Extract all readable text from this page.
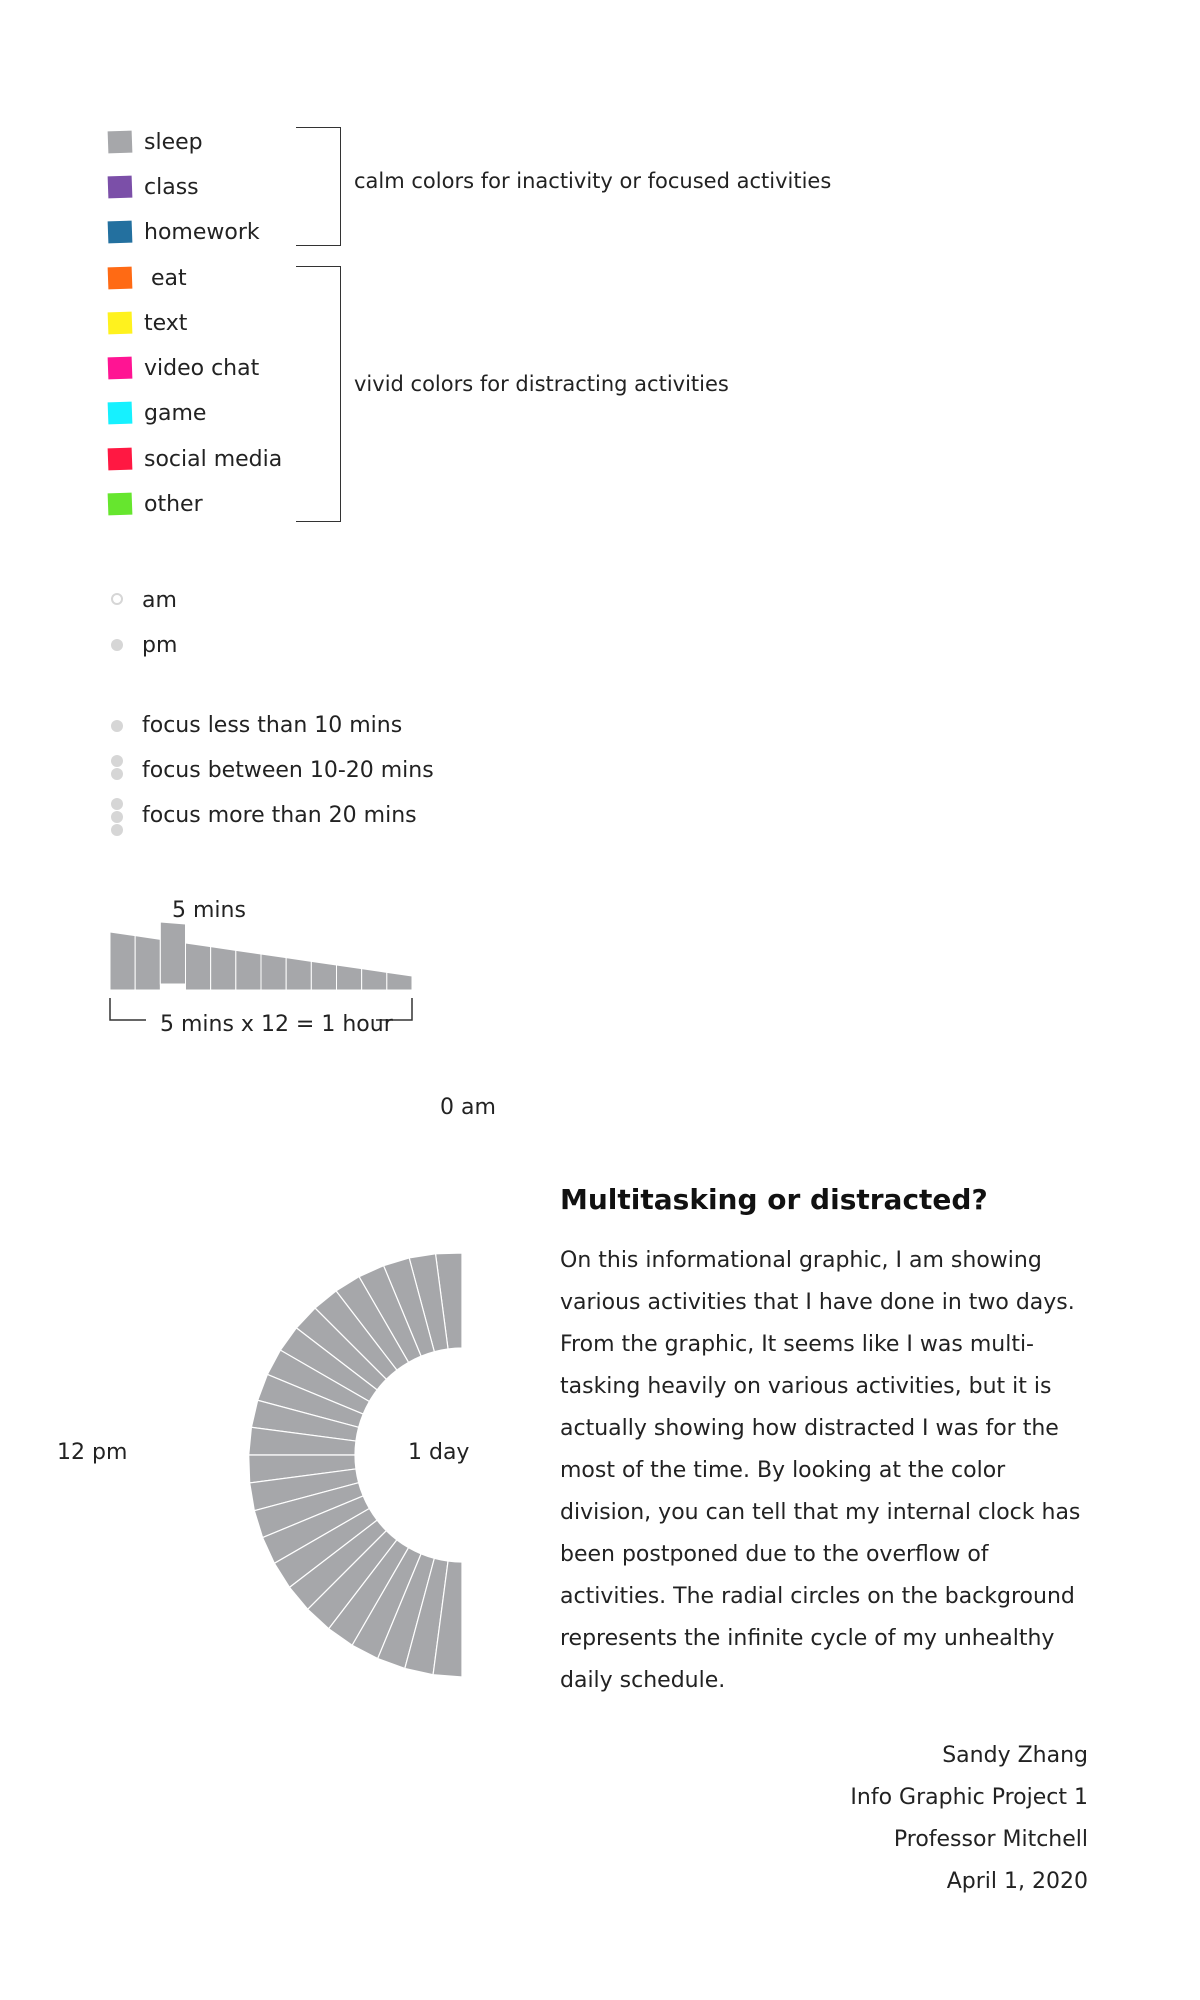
sleep
class
homework
eat
text
video chat
game
social media
other
calm colors for inactivity or focused activities
vivid colors for distracting activities
am
pm
focus less than 10 mins
focus between 10-20 mins
focus more than 20 mins
5 mins
5 mins x 12 = 1 hour
0 am
12 pm	1 day
Multitasking or distracted?
On this informational graphic, I am showing
various activities that I have done in two days.
From the graphic, It seems like I was multi-
tasking heavily on various activities, but it is
actually showing how distracted I was for the
most of the time. By looking at the color
division, you can tell that my internal clock has
been postponed due to the overflow of
activities. The radial circles on the background
represents the infinite cycle of my unhealthy
daily schedule.
Sandy Zhang
Info Graphic Project 1
Professor Mitchell
April 1, 2020
